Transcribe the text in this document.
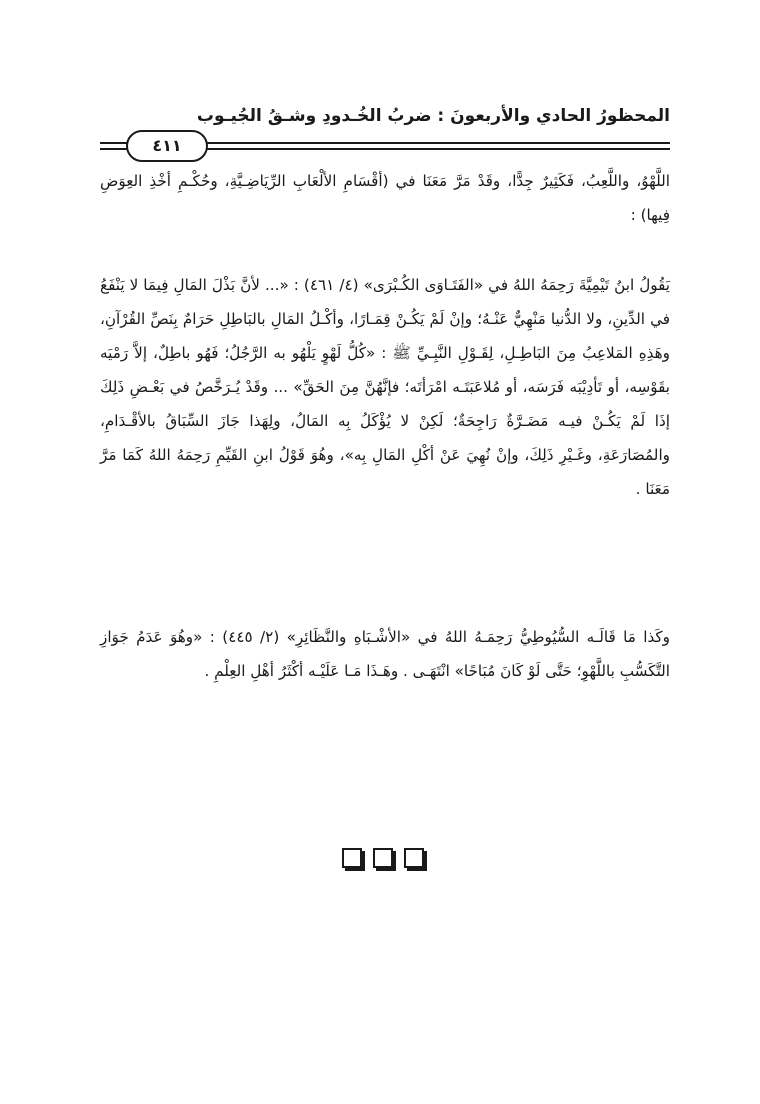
المحظورُ الحادي والأربعونَ : ضربُ الخُـدودِ وشـقُ الجُيـوب
٤١١

اللَّهْوُ، واللَّعِبُ، فَكَثِيرٌ جِدًّا، وقَدْ مَرَّ مَعَنَا في (أقْسَامِ الألْعَابِ الرِّيَاضِـيَّةِ، وحُكْـمِ أخْذِ العِوَضِ فِيها) :

يَقُولُ ابنُ تَيْمِيَّةَ رَحِمَهُ اللهُ في «الفَتَـاوَى الكُـبْرَى» (٤/ ٤٦١) : «... لأنَّ بَذْلَ المَالِ فِيمَا لا يَنْفَعُ في الدِّينِ، ولا الدُّنيا مَنْهِيٌّ عَنْـهُ؛ وإنْ لَمْ يَكُـنْ قِمَـارًا، وأكْـلُ المَالِ بالبَاطِلِ حَرَامٌ بِنَصِّ القُرْآنِ، وهَذِهِ المَلاعِبُ مِنَ البَاطِـلِ، لِقَـوْلِ النَّبِـيِّ ﷺ : «كُلُّ لَهْوٍ يَلْهُو به الرَّجُلُ؛ فَهُو باطِلٌ، إلاَّ رَمْيَه بقَوْسِه، أو تَأدِيْبَه فَرَسَه، أو مُلاعَبَتَـه امْرَأتَه؛ فإنَّهُنَّ مِنَ الحَقِّ» ... وقَدْ يُـرَخَّصُ في بَعْـضِ ذَلِكَ إذَا لَمْ يَكُـنْ فيـه مَضَـرَّةٌ رَاجِحَةٌ؛ لَكِنْ لا يُؤْكَلُ بِه المَالُ، ولِهَذا جَازَ السِّبَاقُ بالأقْـدَامِ، والمُصَارَعَةِ، وغَـيْرِ ذَلِكَ، وإنْ نُهِيَ عَنْ أكْلِ المَالِ بِه»، وهُوَ قَوْلُ ابنِ القَيِّمِ رَحِمَهُ اللهُ كَمَا مَرَّ مَعَنَا .

وكَذا مَا قَالَـه السُّيُوطِيُّ رَحِمَـهُ اللهُ في «الأشْـبَاهِ والنَّظَائِرِ» (٢/ ٤٤٥) : «وهُوَ عَدَمُ جَوَازِ التَّكَسُّبِ باللَّهْوِ؛ حَتَّى لَوْ كَانَ مُبَاحًا» انْتَهَـى . وهَـذَا مَـا عَلَيْـه أكْثَرُ أهْلِ العِلْمِ .
